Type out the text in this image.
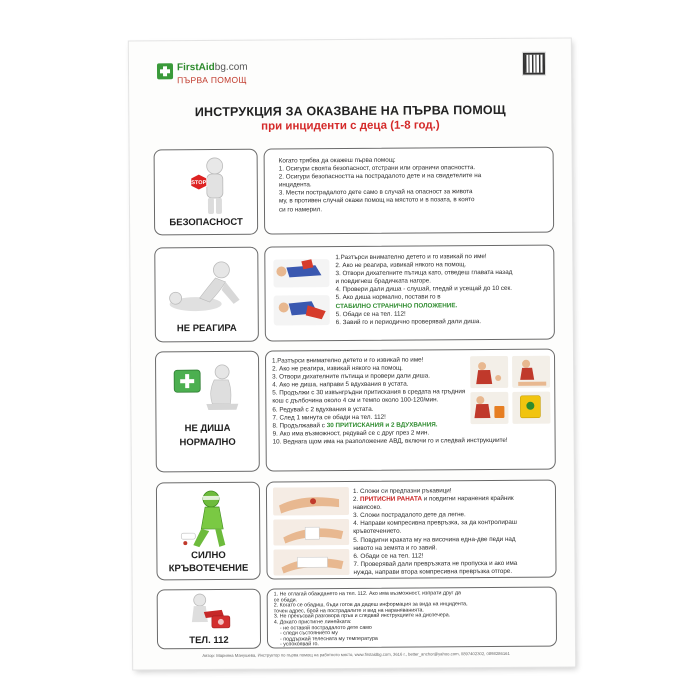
FirstAidbg.com
ПЪРВА ПОМОЩ
ИНСТРУКЦИЯ ЗА ОКАЗВАНЕ НА ПЪРВА ПОМОЩ
при инциденти с деца (1-8 год.)
STOP
БЕЗОПАСНОСТ
Когато трябва да окажеш първа помощ:
1. Осигури своята безопасност, отстрани или ограничи опасността.
2. Осигури безопасността на пострадалото дете и на свидетелите на
инцидента.
3. Мести пострадалото дете само в случай на опасност за живота
му, в противен случай окажи помощ на мястото и в позата, в която
си го намерил.
НЕ РЕАГИРА
1.Разтърси внимателно детето и го извикай по име!
2. Ако не реагира, извикай някого на помощ.
3. Отвори дихателните пътища като, отведеш главата назад
и повдигнеш брадичката нагоре.
4. Провери дали диша - слушай, гледай и усещай до 10 сек.
5. Ако диша нормално, постави го в
СТАБИЛНО СТРАНИЧНО ПОЛОЖЕНИЕ.
5. Обади се на тел. 112!
6. Завий го и периодично проверявай дали диша.
НЕ ДИША
НОРМАЛНО
1.Разтърси внимателно детето и го извикай по име!
2. Ако не реагира, извикай някого на помощ.
3. Отвори дихателните пътища и провери дали диша.
4. Ако не диша, направи 5 вдухвания в устата.
5. Продължи с 30 извънгръдни притискания в средата на гръдния
кош с дълбочина около 4 см и темпо около 100-120/мин.
6. Редувай с 2 вдухвания в устата.
7. След 1 минута се обади на тел. 112!
8. Продължавай с 30 ПРИТИСКАНИЯ и 2 ВДУХВАНИЯ.
9. Ако има възможност, редувай се с друг през 2 мин.
10. Веднага щом има на разположение АВД, включи го и следвай инструкциите!
СИЛНО
КРЪВОТЕЧЕНИЕ
1. Сложи си предпазни ръкавици!
2. ПРИТИСНИ РАНАТА и повдигни наранения крайник
нависоко.
3. Сложи пострадалото дете да легне.
4. Направи компресивна превръзка, за да контролираш
кръвотечението.
5. Повдигни краката му на височина една-две педи над
нивото на земята и го завий.
6. Обади се на тел. 112!
7. Проверявай дали превръзката не пропуска и ако има
нужда, направи втора компресивна превръзка отгоре.
ТЕЛ. 112
1. Не отлагай обаждането на тел. 112. Ако има възможност, изпрати друг да
се обади.
2. Когато се обадиш, бъди готов да дадеш информация за вида на инцидента,
точен адрес, брой на пострадалите и вид на нараняванията.
3. Не прекъсвай разговора пръв и следвай инструкциите на диспечера.
4. Докато пристигне линейката:
- не оставяй пострадалото дете само
- следи състоянието му
- поддържай телесната му температура
- успокоявай го.
Автор: Марияна Манушева, Инструктор по първа помощ на работното място, www.firstaidbg.com, 3616 г., better_anchor@yahoo.com, 0897402302, 0898286161
